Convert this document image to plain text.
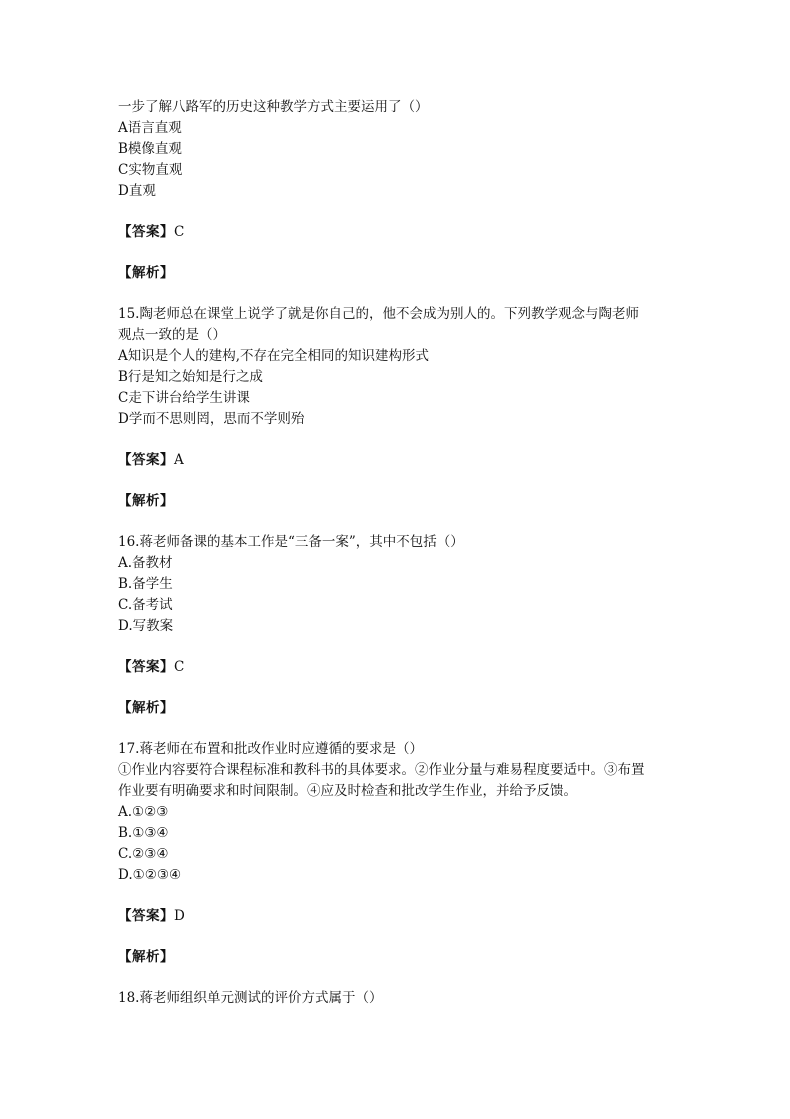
一步了解八路军的历史这种教学方式主要运用了（）
A语言直观
B模像直观
C实物直观
D直观
【答案】C
【解析】
15.陶老师总在课堂上说学了就是你自己的，他不会成为别人的。下列教学观念与陶老师
观点一致的是（）
A知识是个人的建构,不存在完全相同的知识建构形式
B行是知之始知是行之成
C走下讲台给学生讲课
D学而不思则罔，思而不学则殆
【答案】A
【解析】
16.蒋老师备课的基本工作是“三备一案”，其中不包括（）
A.备教材
B.备学生
C.备考试
D.写教案
【答案】C
【解析】
17.蒋老师在布置和批改作业时应遵循的要求是（）
①作业内容要符合课程标准和教科书的具体要求。②作业分量与难易程度要适中。③布置
作业要有明确要求和时间限制。④应及时检查和批改学生作业，并给予反馈。
A.①②③
B.①③④
C.②③④
D.①②③④
【答案】D
【解析】
18.蒋老师组织单元测试的评价方式属于（）
